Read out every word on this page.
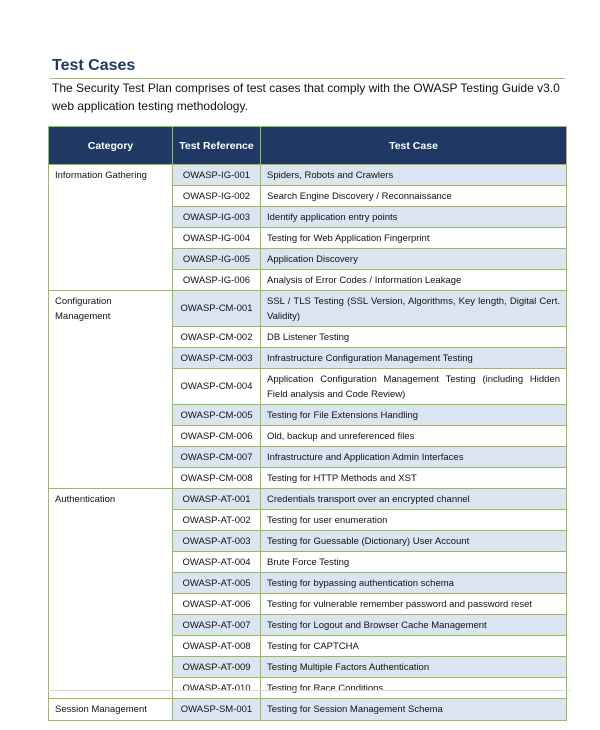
Test Cases
The Security Test Plan comprises of test cases that comply with the OWASP Testing Guide v3.0 web application testing methodology.
Category	Test Reference	Test Case
Information Gathering	OWASP-IG-001	Spiders, Robots and Crawlers
	OWASP-IG-002	Search Engine Discovery / Reconnaissance
	OWASP-IG-003	Identify application entry points
	OWASP-IG-004	Testing for Web Application Fingerprint
	OWASP-IG-005	Application Discovery
	OWASP-IG-006	Analysis of Error Codes / Information Leakage
Configuration Management	OWASP-CM-001	SSL / TLS Testing (SSL Version, Algorithms, Key length, Digital Cert. Validity)
	OWASP-CM-002	DB Listener Testing
	OWASP-CM-003	Infrastructure Configuration Management Testing
	OWASP-CM-004	Application Configuration Management Testing (including Hidden Field analysis and Code Review)
	OWASP-CM-005	Testing for File Extensions Handling
	OWASP-CM-006	Old, backup and unreferenced files
	OWASP-CM-007	Infrastructure and Application Admin Interfaces
	OWASP-CM-008	Testing for HTTP Methods and XST
Authentication	OWASP-AT-001	Credentials transport over an encrypted channel
	OWASP-AT-002	Testing for user enumeration
	OWASP-AT-003	Testing for Guessable (Dictionary) User Account
	OWASP-AT-004	Brute Force Testing
	OWASP-AT-005	Testing for bypassing authentication schema
	OWASP-AT-006	Testing for vulnerable remember password and password reset
	OWASP-AT-007	Testing for Logout and Browser Cache Management
	OWASP-AT-008	Testing for CAPTCHA
	OWASP-AT-009	Testing Multiple Factors Authentication
	OWASP-AT-010	Testing for Race Conditions
Session Management	OWASP-SM-001	Testing for Session Management Schema
